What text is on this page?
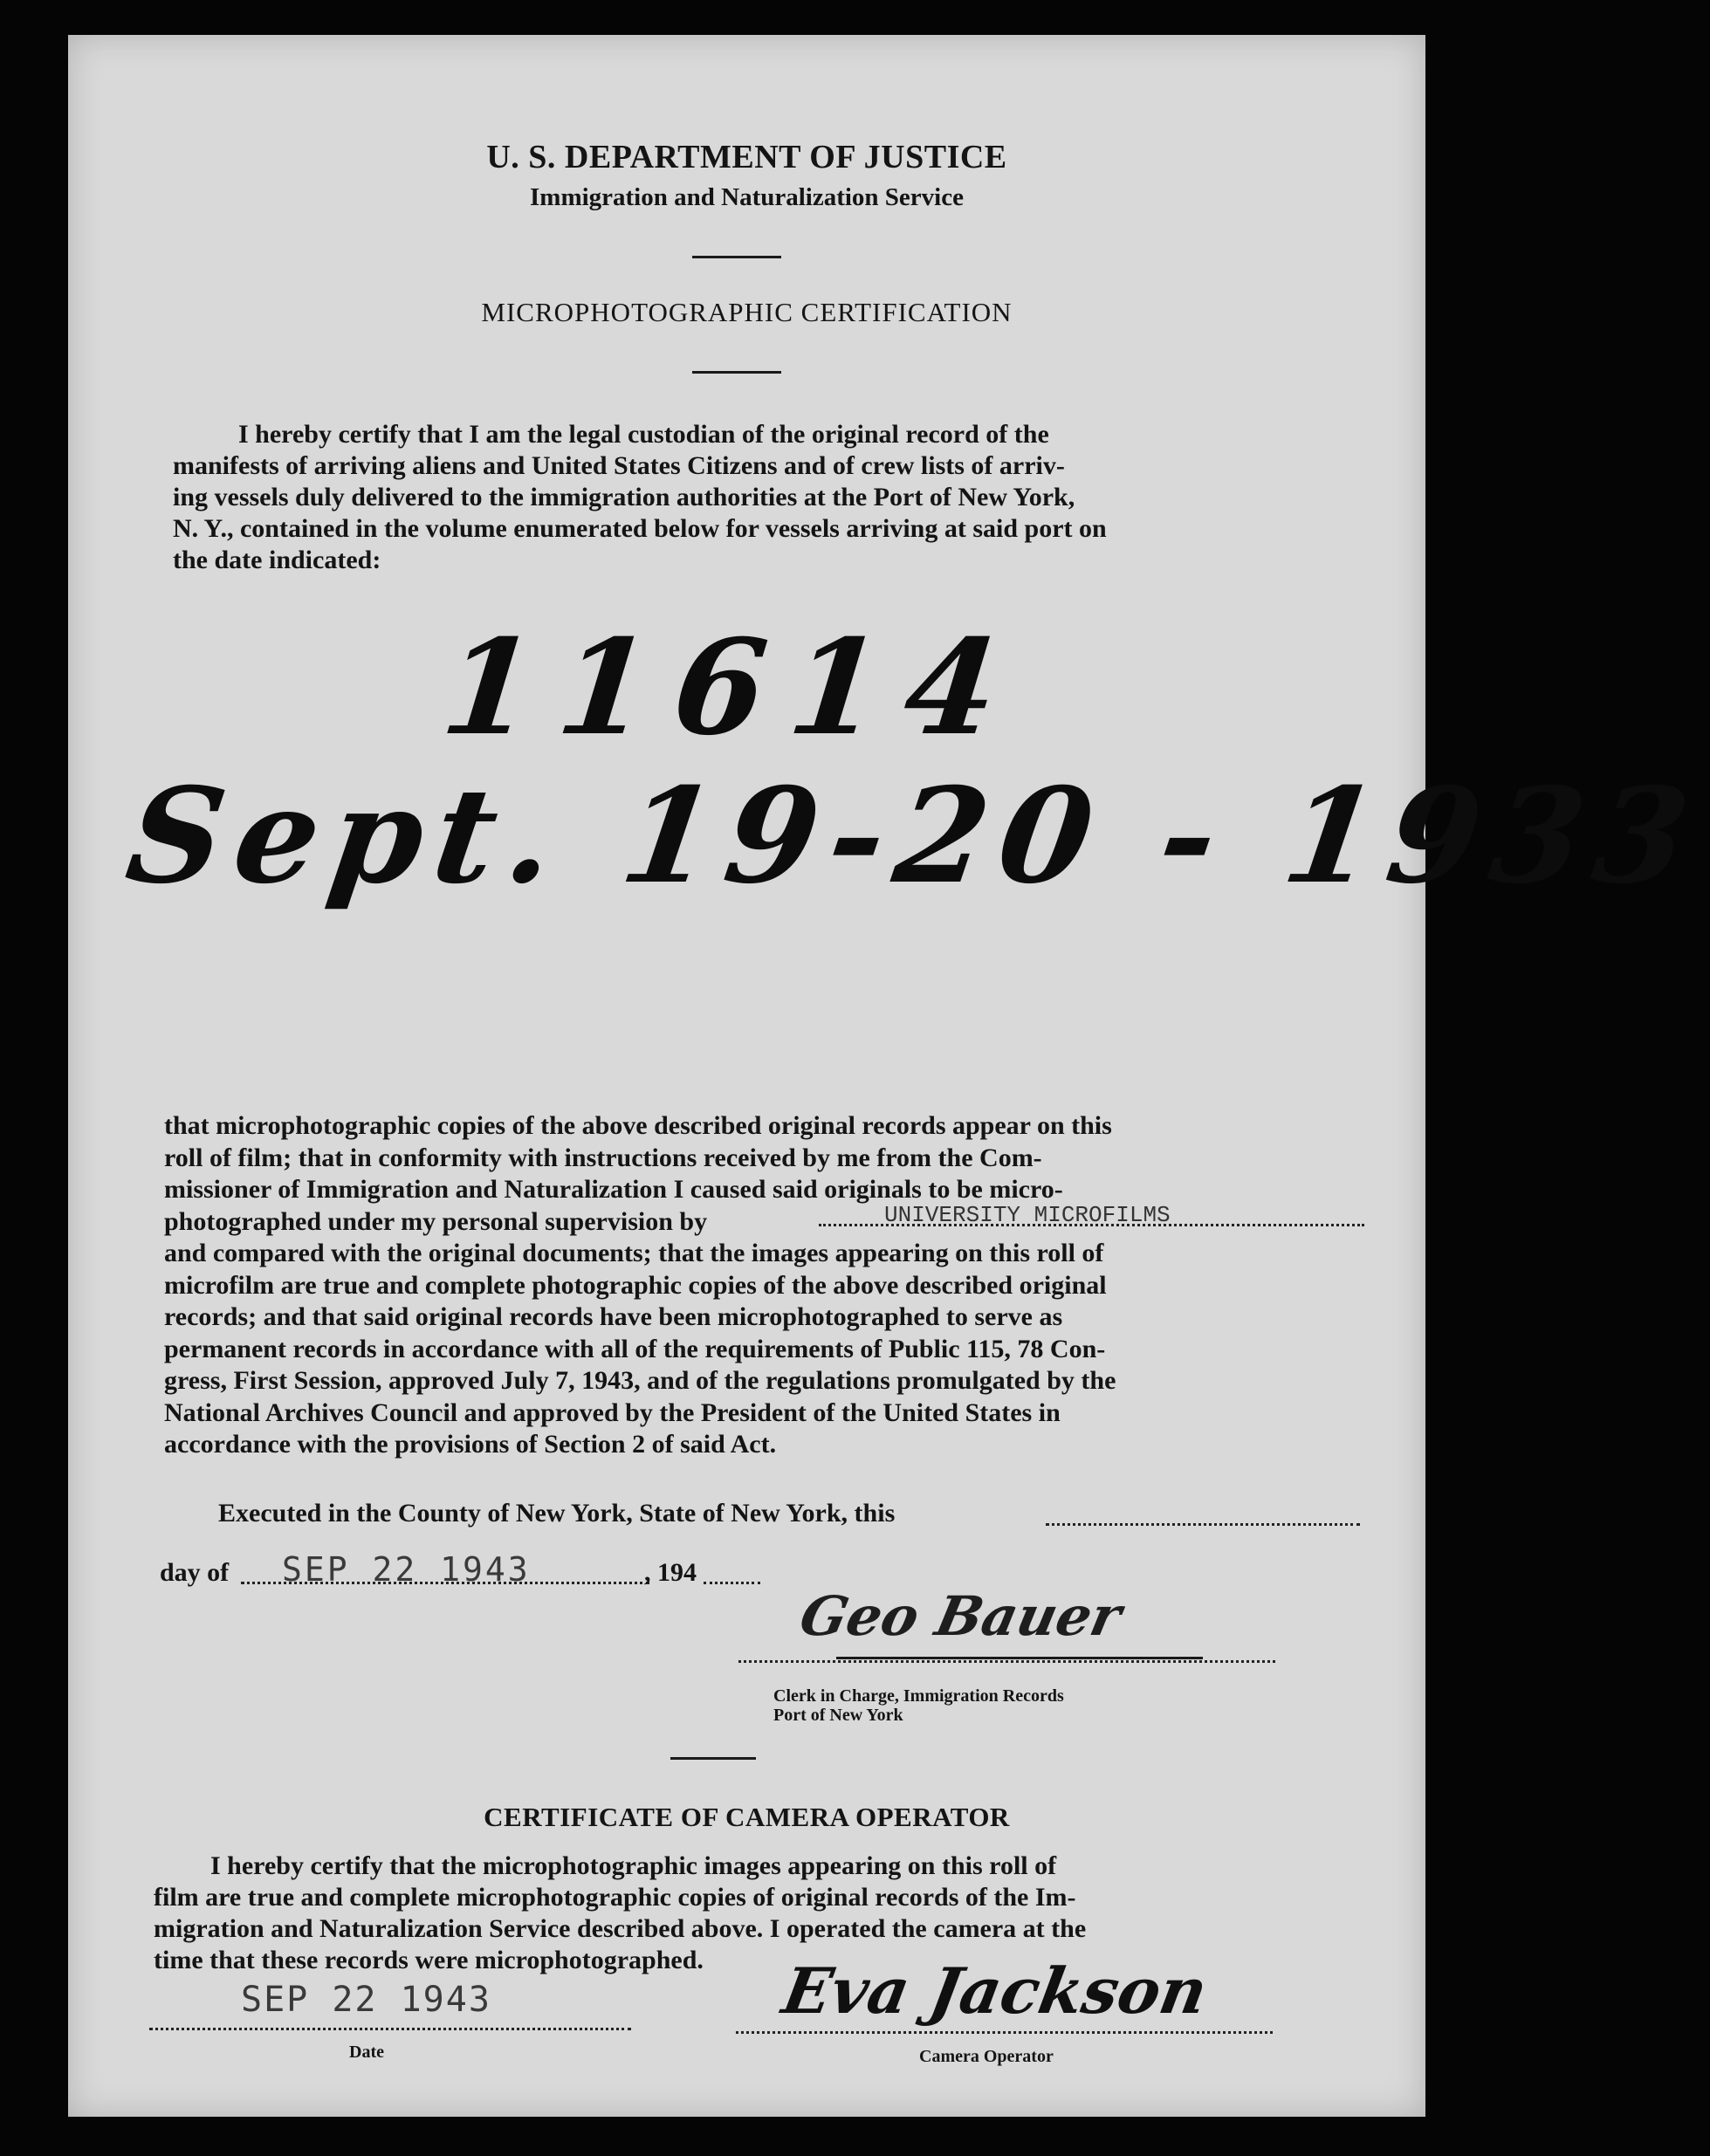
U. S. DEPARTMENT OF JUSTICE
Immigration and Naturalization Service
MICROPHOTOGRAPHIC CERTIFICATION
I hereby certify that I am the legal custodian of the original record of the
manifests of arriving aliens and United States Citizens and of crew lists of arriv-
ing vessels duly delivered to the immigration authorities at the Port of New York,
N. Y., contained in the volume enumerated below for vessels arriving at said port on
the date indicated:
11614
Sept. 19-20 - 1933
that microphotographic copies of the above described original records appear on this
roll of film; that in conformity with instructions received by me from the Com-
missioner of Immigration and Naturalization I caused said originals to be micro-
photographed under my personal supervision by
and compared with the original documents; that the images appearing on this roll of
microfilm are true and complete photographic copies of the above described original
records; and that said original records have been microphotographed to serve as
permanent records in accordance with all of the requirements of Public 115, 78 Con-
gress, First Session, approved July 7, 1943, and of the regulations promulgated by the
National Archives Council and approved by the President of the United States in
accordance with the provisions of Section 2 of said Act.
UNIVERSITY MICROFILMS
Executed in the County of New York, State of New York, this
day of SEP 22 1943	, 194
Geo Bauer
Clerk in Charge, Immigration Records
Port of New York
CERTIFICATE OF CAMERA OPERATOR
I hereby certify that the microphotographic images appearing on this roll of
film are true and complete microphotographic copies of original records of the Im-
migration and Naturalization Service described above. I operated the camera at the
time that these records were microphotographed.
SEP 22 1943
Date
Eva Jackson
Camera Operator
